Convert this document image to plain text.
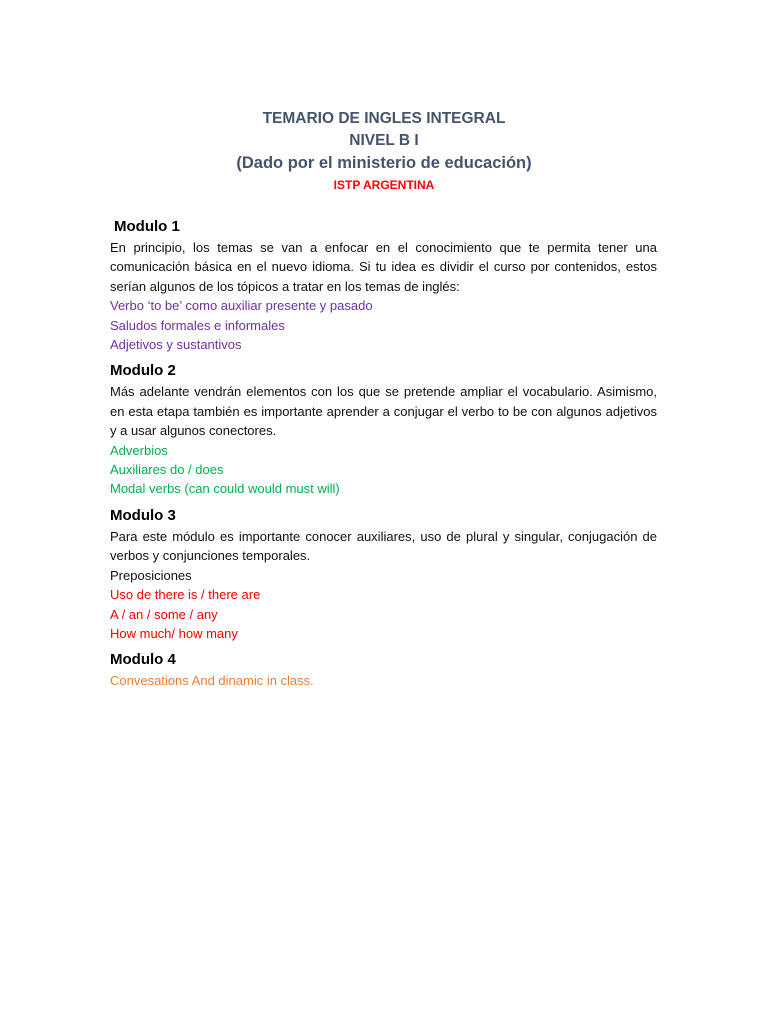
TEMARIO DE INGLES INTEGRAL
NIVEL B I
(Dado por el ministerio de educación)
ISTP ARGENTINA

Modulo 1

En principio, los temas se van a enfocar en el conocimiento que te permita tener una comunicación básica en el nuevo idioma. Si tu idea es dividir el curso por contenidos, estos serían algunos de los tópicos a tratar en los temas de inglés:

Verbo ‘to be’ como auxiliar presente y pasado

Saludos formales e informales

Adjetivos y sustantivos

Modulo 2

Más adelante vendrán elementos con los que se pretende ampliar el vocabulario. Asimismo, en esta etapa también es importante aprender a conjugar el verbo to be con algunos adjetivos y a usar algunos conectores.

Adverbios

Auxiliares do / does

Modal verbs (can could would must will)

Modulo 3

Para este módulo es importante conocer auxiliares, uso de plural y singular, conjugación de verbos y conjunciones temporales.

Preposiciones

Uso de there is / there are

A / an / some / any

How much/ how many

Modulo 4

Convesations And dinamic in class.
